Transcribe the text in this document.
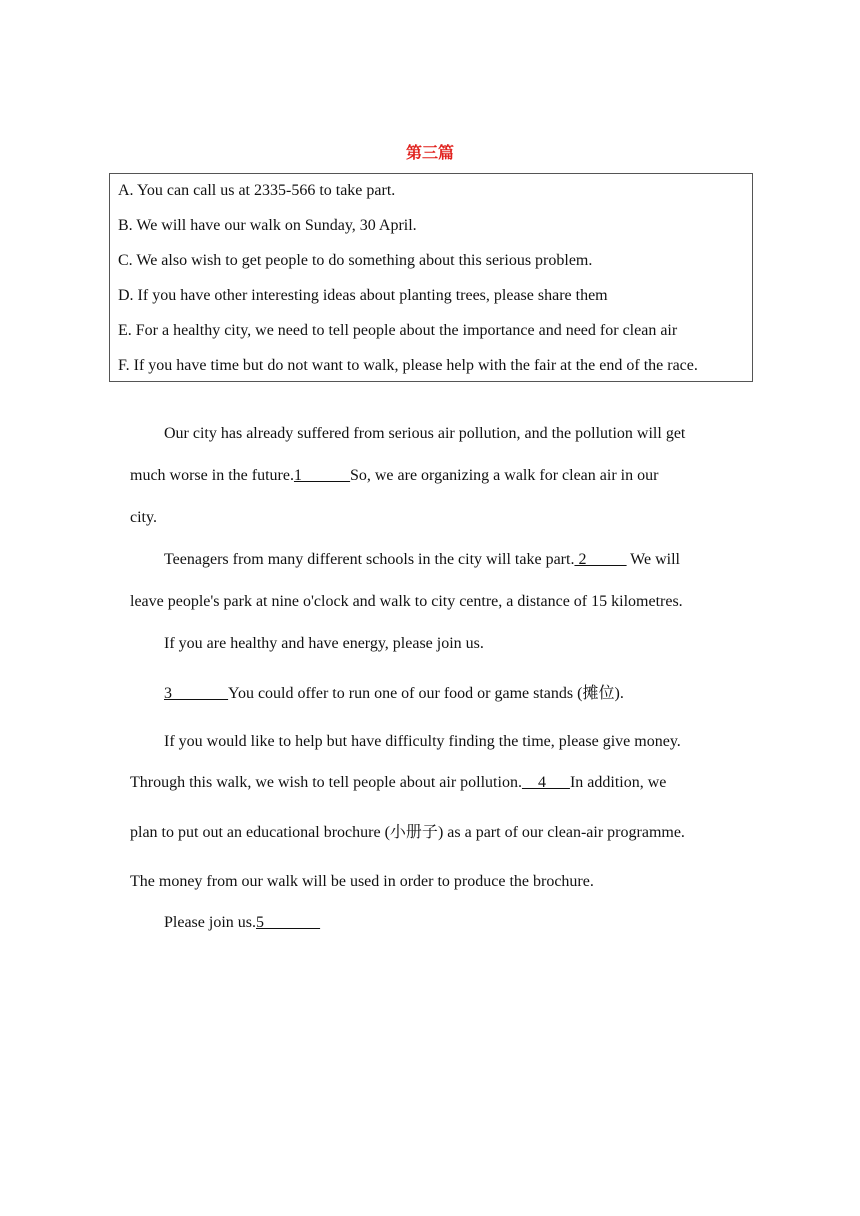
第三篇
A. You can call us at 2335-566 to take part.
B. We will have our walk on Sunday, 30 April.
C. We also wish to get people to do something about this serious problem.
D. If you have other interesting ideas about planting trees, please share them
E. For a healthy city, we need to tell people about the importance and need for clean air
F. If you have time but do not want to walk, please help with the fair at the end of the race.
Our city has already suffered from serious air pollution, and the pollution will get
much worse in the future.1______So, we are organizing a walk for clean air in our
city.
Teenagers from many different schools in the city will take part. 2_____ We will
leave people's park at nine o'clock and walk to city centre, a distance of 15 kilometres.
If you are healthy and have energy, please join us.
3_______You could offer to run one of our food or game stands (摊位).
If you would like to help but have difficulty finding the time, please give money.
Through this walk, we wish to tell people about air pollution.    4      In addition, we
plan to put out an educational brochure (小册子) as a part of our clean-air programme.
The money from our walk will be used in order to produce the brochure.
Please join us.5_______
